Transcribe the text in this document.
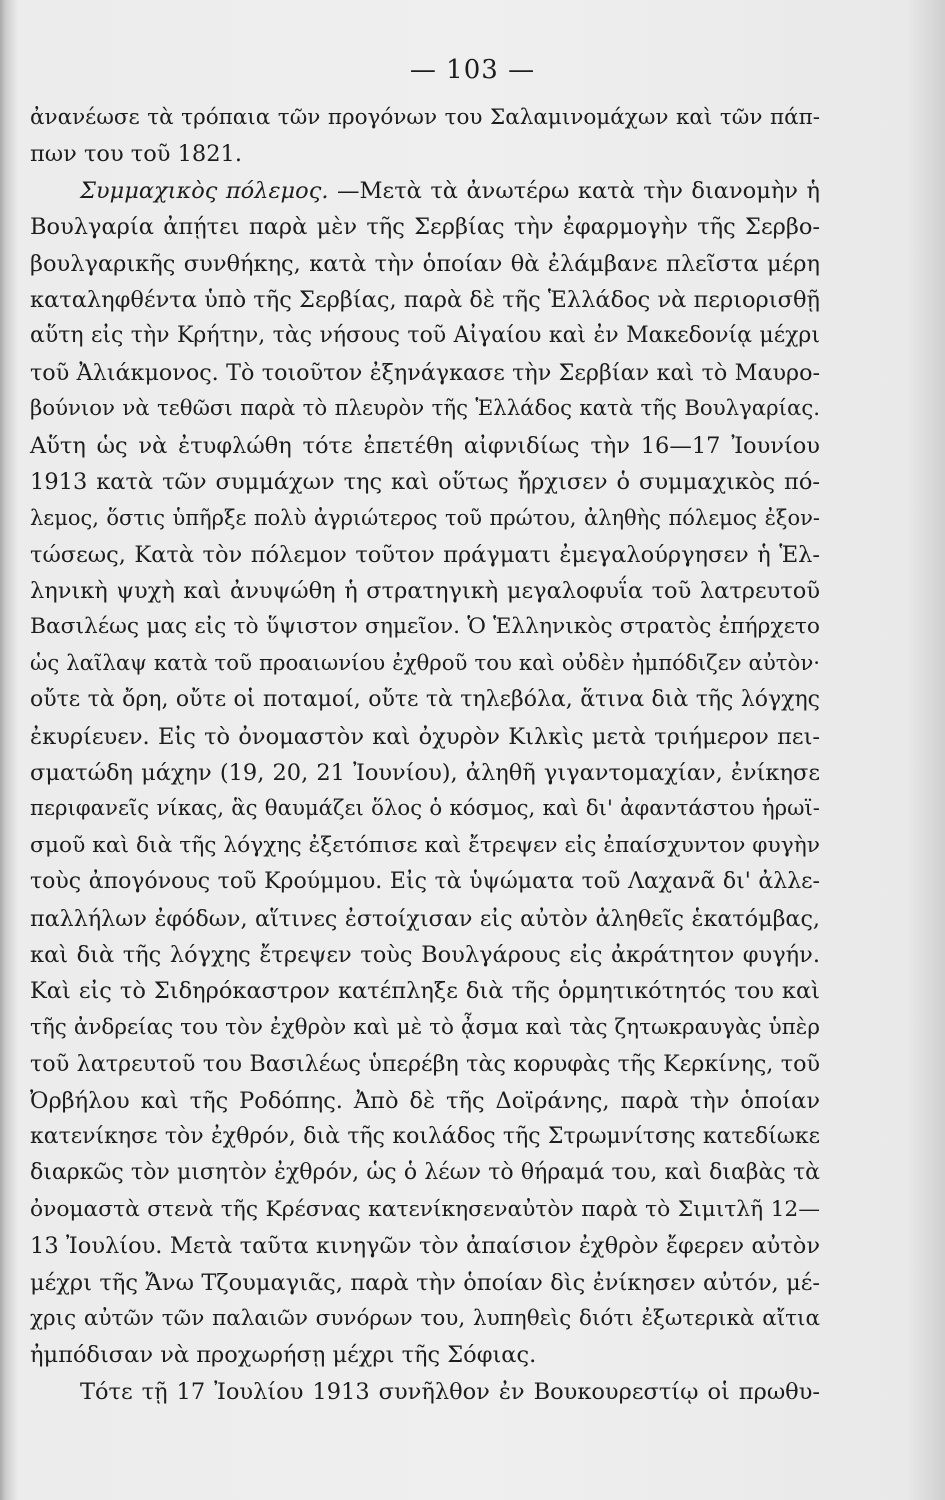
— 103 —
ἀνανέωσε τὰ τρόπαια τῶν προγόνων του Σαλαμινομάχων καὶ τῶν πάπ-
πων του τοῦ 1821.
Συμμαχικὸς πόλεμος. —Μετὰ τὰ ἀνωτέρω κατὰ τὴν διανομὴν ἡ
Βουλγαρία ἀπῄτει παρὰ μὲν τῆς Σερβίας τὴν ἐφαρμογὴν τῆς Σερβο-
βουλγαρικῆς συνθήκης, κατὰ τὴν ὁποίαν θὰ ἐλάμβανε πλεῖστα μέρη
καταληφθέντα ὑπὸ τῆς Σερβίας, παρὰ δὲ τῆς Ἑλλάδος νὰ περιορισθῇ
αὕτη εἰς τὴν Κρήτην, τὰς νήσους τοῦ Αἰγαίου καὶ ἐν Μακεδονίᾳ μέχρι
τοῦ Ἀλιάκμονος. Τὸ τοιοῦτον ἐξηνάγκασε τὴν Σερβίαν καὶ τὸ Μαυρο-
βούνιον νὰ τεθῶσι παρὰ τὸ πλευρὸν τῆς Ἑλλάδος κατὰ τῆς Βουλγαρίας.
Αὕτη ὡς νὰ ἐτυφλώθη τότε ἐπετέθη αἰφνιδίως τὴν 16—17 Ἰουνίου
1913 κατὰ τῶν συμμάχων της καὶ οὕτως ἤρχισεν ὁ συμμαχικὸς πό-
λεμος, ὅστις ὑπῆρξε πολὺ ἀγριώτερος τοῦ πρώτου, ἀληθὴς πόλεμος ἐξον-
τώσεως, Κατὰ τὸν πόλεμον τοῦτον πράγματι ἐμεγαλούργησεν ἡ Ἑλ-
ληνικὴ ψυχὴ καὶ ἀνυψώθη ἡ στρατηγικὴ μεγαλοφυΐα τοῦ λατρευτοῦ
Βασιλέως μας εἰς τὸ ὕψιστον σημεῖον. Ὁ Ἑλληνικὸς στρατὸς ἐπήρχετο
ὡς λαῖλαψ κατὰ τοῦ προαιωνίου ἐχθροῦ του καὶ οὐδὲν ἠμπόδιζεν αὐτὸν·
οὔτε τὰ ὄρη, οὔτε οἱ ποταμοί, οὔτε τὰ τηλεβόλα, ἅτινα διὰ τῆς λόγχης
ἐκυρίευεν. Εἰς τὸ ὀνομαστὸν καὶ ὀχυρὸν Κιλκὶς μετὰ τριήμερον πει-
σματώδη μάχην (19, 20, 21 Ἰουνίου), ἀληθῆ γιγαντομαχίαν, ἐνίκησε
περιφανεῖς νίκας, ἃς θαυμάζει ὅλος ὁ κόσμος, καὶ δι' ἀφαντάστου ἡρωϊ-
σμοῦ καὶ διὰ τῆς λόγχης ἐξετόπισε καὶ ἔτρεψεν εἰς ἐπαίσχυντον φυγὴν
τοὺς ἀπογόνους τοῦ Κρούμμου. Εἰς τὰ ὑψώματα τοῦ Λαχανᾶ δι' ἀλλε-
παλλήλων ἐφόδων, αἵτινες ἐστοίχισαν εἰς αὐτὸν ἀληθεῖς ἑκατόμβας,
καὶ διὰ τῆς λόγχης ἔτρεψεν τοὺς Βουλγάρους εἰς ἀκράτητον φυγήν.
Καὶ εἰς τὸ Σιδηρόκαστρον κατέπληξε διὰ τῆς ὁρμητικότητός του καὶ
τῆς ἀνδρείας του τὸν ἐχθρὸν καὶ μὲ τὸ ᾆσμα καὶ τὰς ζητωκραυγὰς ὑπὲρ
τοῦ λατρευτοῦ του Βασιλέως ὑπερέβη τὰς κορυφὰς τῆς Κερκίνης, τοῦ
Ὀρβήλου καὶ τῆς Ροδόπης. Ἀπὸ δὲ τῆς Δοϊράνης, παρὰ τὴν ὁποίαν
κατενίκησε τὸν ἐχθρόν, διὰ τῆς κοιλάδος τῆς Στρωμνίτσης κατεδίωκε
διαρκῶς τὸν μισητὸν ἐχθρόν, ὡς ὁ λέων τὸ θήραμά του, καὶ διαβὰς τὰ
ὀνομαστὰ στενὰ τῆς Κρέσνας κατενίκησεναὐτὸν παρὰ τὸ Σιμιτλῆ 12—
13 Ἰουλίου. Μετὰ ταῦτα κινηγῶν τὸν ἀπαίσιον ἐχθρὸν ἔφερεν αὐτὸν
μέχρι τῆς Ἄνω Τζουμαγιᾶς, παρὰ τὴν ὁποίαν δὶς ἐνίκησεν αὐτόν, μέ-
χρις αὐτῶν τῶν παλαιῶν συνόρων του, λυπηθεὶς διότι ἐξωτερικὰ αἴτια
ἠμπόδισαν νὰ προχωρήσῃ μέχρι τῆς Σόφιας.
Τότε τῇ 17 Ἰουλίου 1913 συνῆλθον ἐν Βουκουρεστίῳ οἱ πρωθυ-
